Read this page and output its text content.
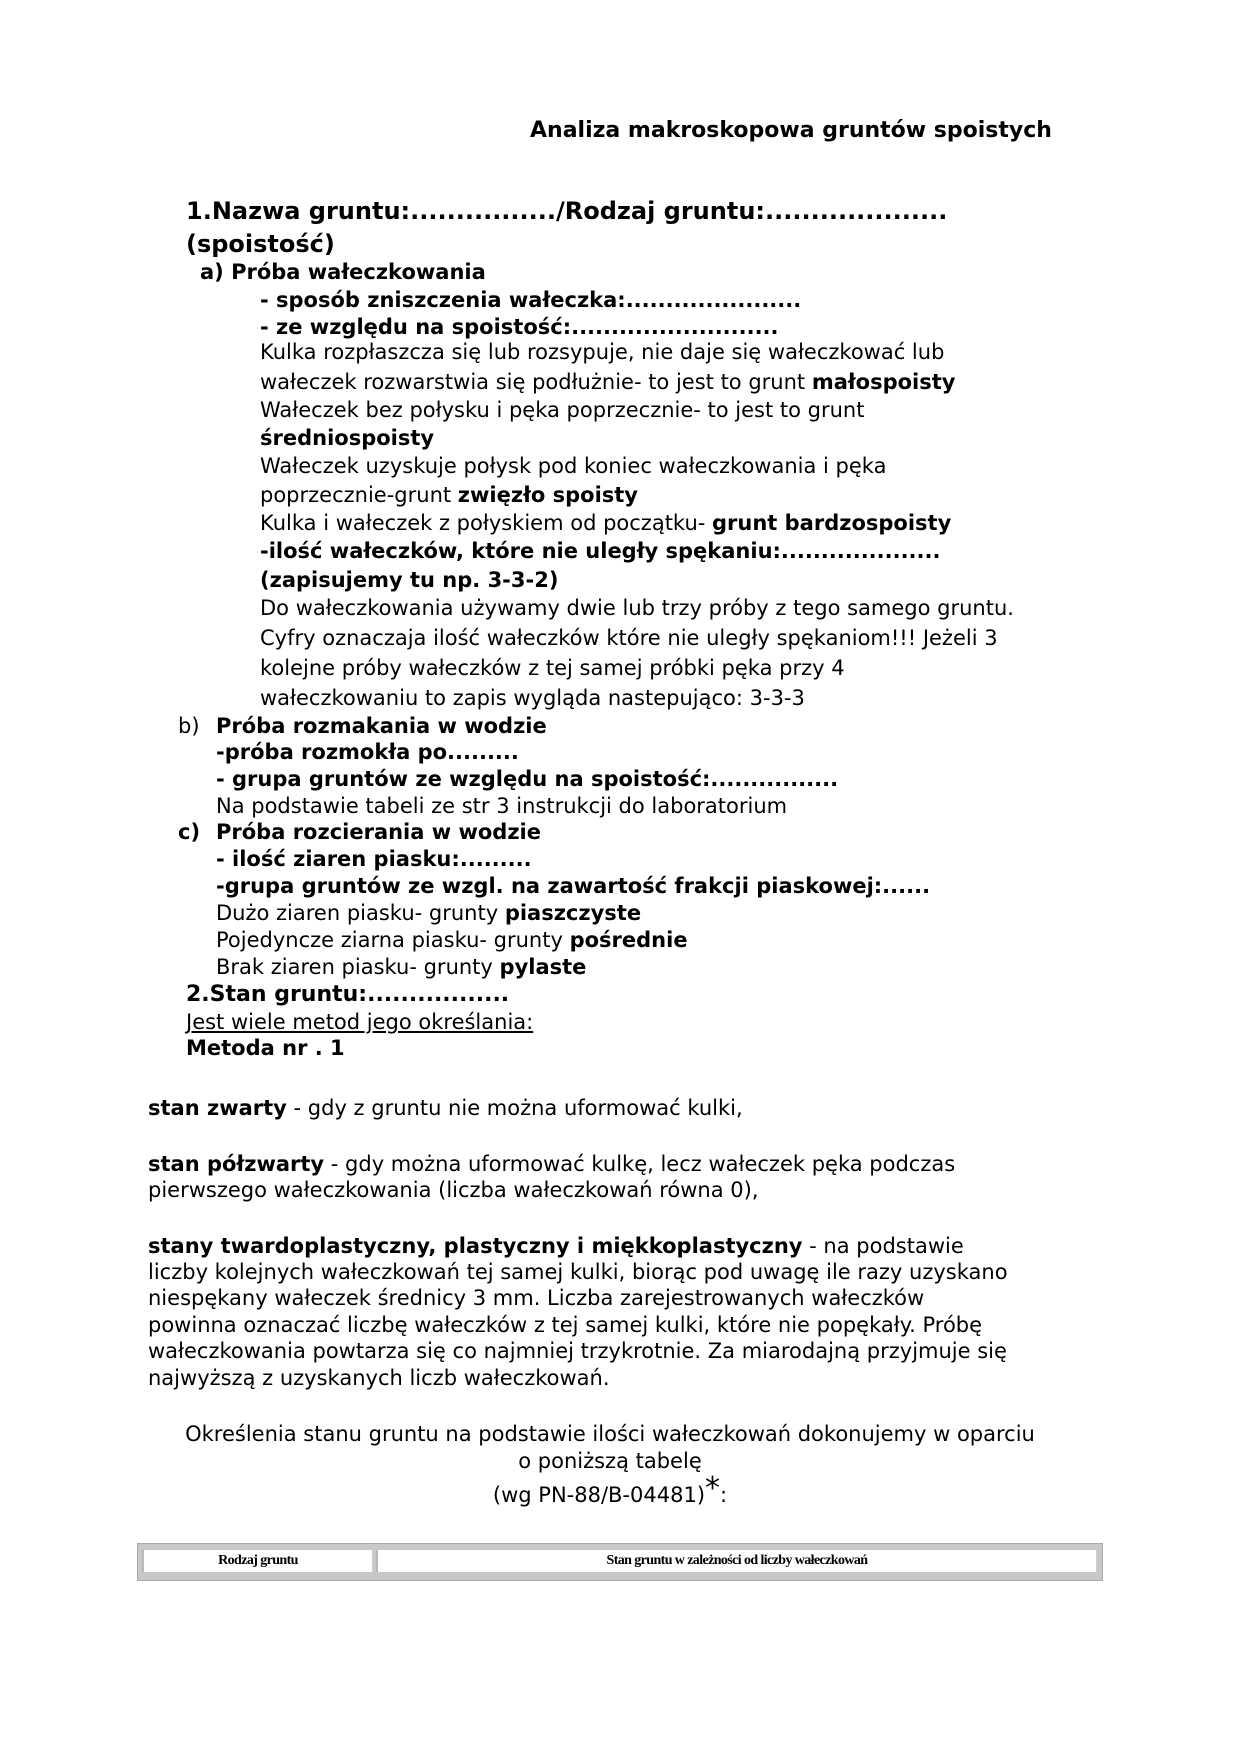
Analiza makroskopowa gruntów spoistych
1.Nazwa gruntu:................/Rodzaj gruntu:....................
(spoistość)
a) Próba wałeczkowania
- sposób zniszczenia wałeczka:......................
- ze względu na spoistość:..........................
Kulka rozpłaszcza się lub rozsypuje, nie daje się wałeczkować lub
wałeczek rozwarstwia się podłużnie- to jest to grunt małospoisty
Wałeczek bez połysku i pęka poprzecznie- to jest to grunt
średniospoisty
Wałeczek uzyskuje połysk pod koniec wałeczkowania i pęka
poprzecznie-grunt zwięzło spoisty
Kulka i wałeczek z połyskiem od początku- grunt bardzospoisty
-ilość wałeczków, które nie uległy spękaniu:....................
(zapisujemy tu np. 3-3-2)
Do wałeczkowania używamy dwie lub trzy próby z tego samego gruntu.
Cyfry oznaczaja ilość wałeczków które nie uległy spękaniom!!! Jeżeli 3
kolejne próby wałeczków z tej samej próbki pęka przy 4
wałeczkowaniu to zapis wygląda nastepująco: 3-3-3
b) Próba rozmakania w wodzie
-próba rozmokła po.........
- grupa gruntów ze względu na spoistość:................
Na podstawie tabeli ze str 3 instrukcji do laboratorium
c) Próba rozcierania w wodzie
- ilość ziaren piasku:.........
-grupa gruntów ze wzgl. na zawartość frakcji piaskowej:......
Dużo ziaren piasku- grunty piaszczyste
Pojedyncze ziarna piasku- grunty pośrednie
Brak ziaren piasku- grunty pylaste
2.Stan gruntu:.................
Jest wiele metod jego określania:
Metoda nr . 1
stan zwarty - gdy z gruntu nie można uformować kulki,
stan półzwarty - gdy można uformować kulkę, lecz wałeczek pęka podczas
pierwszego wałeczkowania (liczba wałeczkowań równa 0),
stany twardoplastyczny, plastyczny i miękkoplastyczny - na podstawie
liczby kolejnych wałeczkowań tej samej kulki, biorąc pod uwagę ile razy uzyskano
niespękany wałeczek średnicy 3 mm. Liczba zarejestrowanych wałeczków
powinna oznaczać liczbę wałeczków z tej samej kulki, które nie popękały. Próbę
wałeczkowania powtarza się co najmniej trzykrotnie. Za miarodajną przyjmuje się
najwyższą z uzyskanych liczb wałeczkowań.
Określenia stanu gruntu na podstawie ilości wałeczkowań dokonujemy w oparciu
o poniższą tabelę
(wg PN-88/B-04481)*:
Rodzaj gruntu	Stan gruntu w zależności od liczby wałeczkowań
